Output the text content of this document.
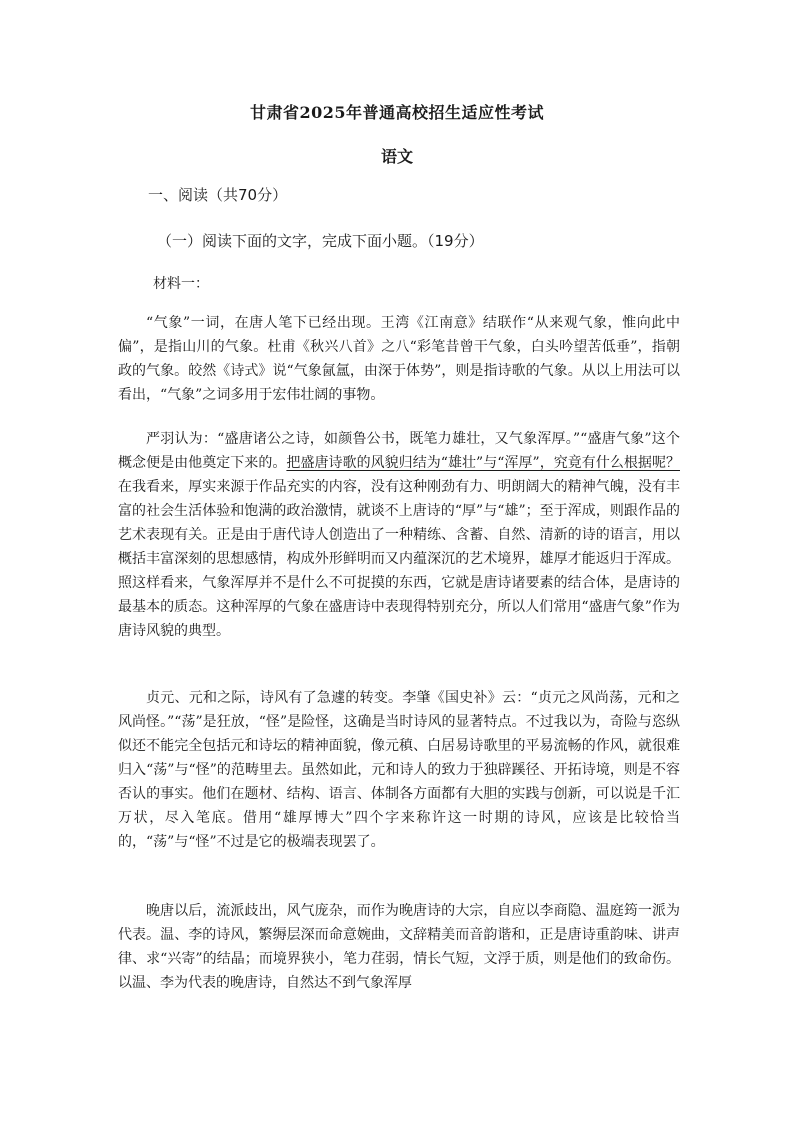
甘肃省2025年普通高校招生适应性考试
语文
一、阅读（共70分）
（一）阅读下面的文字，完成下面小题。（19分）
材料一：

“气象”一词，在唐人笔下已经出现。王湾《江南意》结联作“从来观气象，惟向此中偏”，是指山川的气象。杜甫《秋兴八首》之八“彩笔昔曾干气象，白头吟望苦低垂”，指朝政的气象。皎然《诗式》说“气象氤氲，由深于体势”，则是指诗歌的气象。从以上用法可以看出，“气象”之词多用于宏伟壮阔的事物。

严羽认为：“盛唐诸公之诗，如颜鲁公书，既笔力雄壮，又气象浑厚。”“盛唐气象”这个概念便是由他奠定下来的。把盛唐诗歌的风貌归结为“雄壮”与“浑厚”，究竟有什么根据呢？在我看来，厚实来源于作品充实的内容，没有这种刚劲有力、明朗阔大的精神气魄，没有丰富的社会生活体验和饱满的政治激情，就谈不上唐诗的“厚”与“雄”；至于浑成，则跟作品的艺术表现有关。正是由于唐代诗人创造出了一种精练、含蓄、自然、清新的诗的语言，用以概括丰富深刻的思想感情，构成外形鲜明而又内蕴深沉的艺术境界，雄厚才能返归于浑成。照这样看来，气象浑厚并不是什么不可捉摸的东西，它就是唐诗诸要素的结合体，是唐诗的最基本的质态。这种浑厚的气象在盛唐诗中表现得特别充分，所以人们常用“盛唐气象”作为唐诗风貌的典型。

贞元、元和之际，诗风有了急遽的转变。李肇《国史补》云：“贞元之风尚荡，元和之风尚怪。”“荡”是狂放，“怪”是险怪，这确是当时诗风的显著特点。不过我以为，奇险与恣纵似还不能完全包括元和诗坛的精神面貌，像元稹、白居易诗歌里的平易流畅的作风，就很难归入“荡”与“怪”的范畴里去。虽然如此，元和诗人的致力于独辟蹊径、开拓诗境，则是不容否认的事实。他们在题材、结构、语言、体制各方面都有大胆的实践与创新，可以说是千汇万状，尽入笔底。借用“雄厚博大”四个字来称许这一时期的诗风，应该是比较恰当的，“荡”与“怪”不过是它的极端表现罢了。

晚唐以后，流派歧出，风气庞杂，而作为晚唐诗的大宗，自应以李商隐、温庭筠一派为代表。温、李的诗风，繁缛层深而命意婉曲，文辞精美而音韵谐和，正是唐诗重韵味、讲声律、求“兴寄”的结晶；而境界狭小，笔力荏弱，情长气短，文浮于质，则是他们的致命伤。以温、李为代表的晚唐诗，自然达不到气象浑厚
